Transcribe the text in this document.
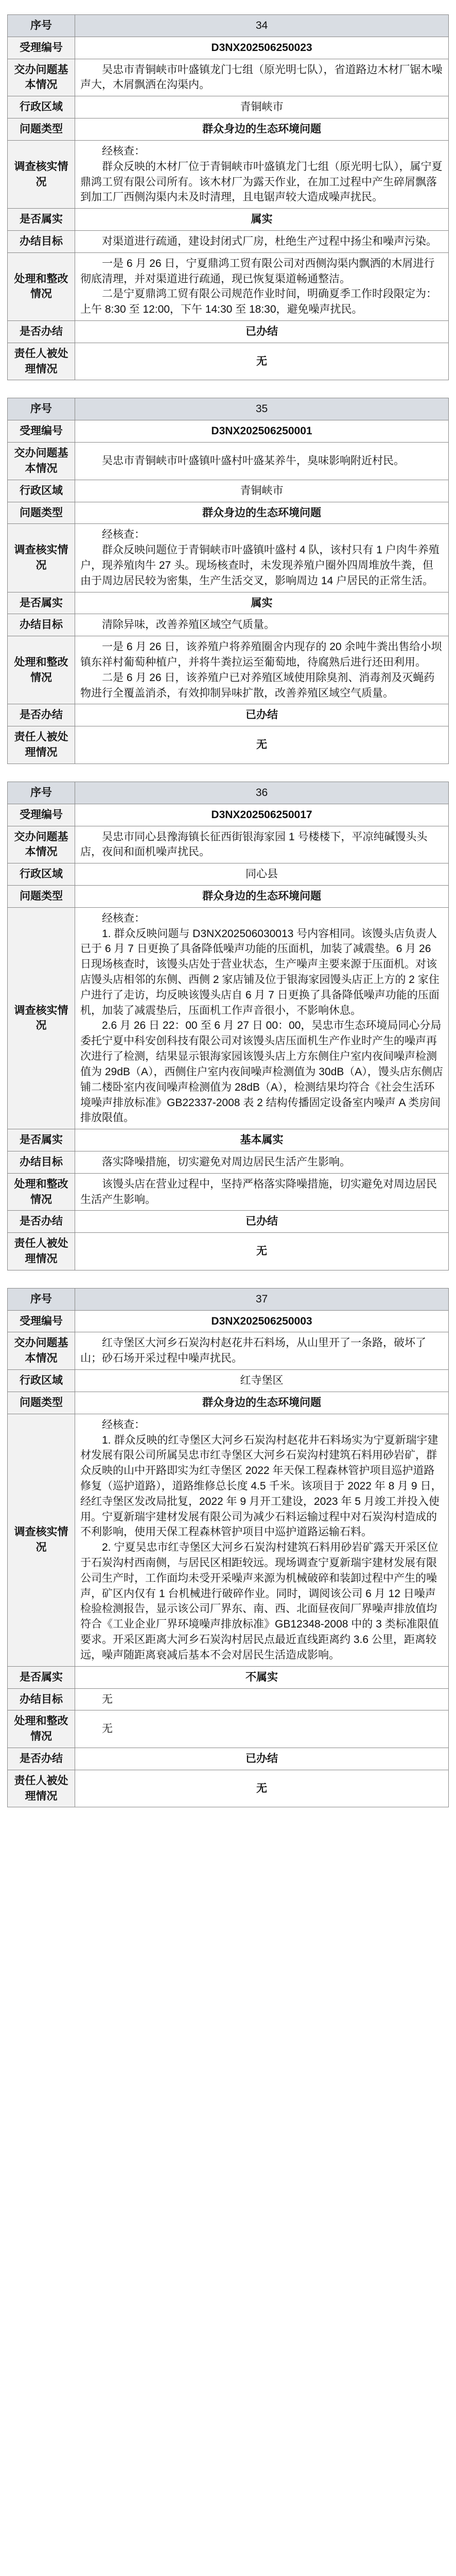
序号	34
受理编号	D3NX202506250023
交办问题基本情况	吴忠市青铜峡市叶盛镇龙门七组（原光明七队），省道路边木材厂锯木噪声大，木屑飘洒在沟渠内。

行政区域	青铜峡市
问题类型	群众身边的生态环境问题
调查核实情况	经核查：

群众反映的木材厂位于青铜峡市叶盛镇龙门七组（原光明七队），属宁夏鼎鸿工贸有限公司所有。该木材厂为露天作业，在加工过程中产生碎屑飘落到加工厂西侧沟渠内未及时清理，且电锯声较大造成噪声扰民。

是否属实	属实
办结目标	对渠道进行疏通，建设封闭式厂房，杜绝生产过程中扬尘和噪声污染。

处理和整改情况	一是 6 月 26 日，宁夏鼎鸿工贸有限公司对西侧沟渠内飘洒的木屑进行彻底清理，并对渠道进行疏通，现已恢复渠道畅通整洁。

二是宁夏鼎鸿工贸有限公司规范作业时间，明确夏季工作时段限定为：上午 8:30 至 12:00，下午 14:30 至 18:30，避免噪声扰民。

是否办结	已办结
责任人被处理情况	无
序号	35
受理编号	D3NX202506250001
交办问题基本情况	吴忠市青铜峡市叶盛镇叶盛村叶盛某养牛，臭味影响附近村民。

行政区域	青铜峡市
问题类型	群众身边的生态环境问题
调查核实情况	经核查：

群众反映问题位于青铜峡市叶盛镇叶盛村 4 队，该村只有 1 户肉牛养殖户，现养殖肉牛 27 头。现场核查时，未发现养殖户圈外四周堆放牛粪，但由于周边居民较为密集，生产生活交叉，影响周边 14 户居民的正常生活。

是否属实	属实
办结目标	清除异味，改善养殖区域空气质量。

处理和整改情况	一是 6 月 26 日，该养殖户将养殖圈舍内现存的 20 余吨牛粪出售给小坝镇东祥村葡萄种植户，并将牛粪拉运至葡萄地，待腐熟后进行还田利用。

二是 6 月 26 日，该养殖户已对养殖区域使用除臭剂、消毒剂及灭蝇药物进行全覆盖消杀，有效抑制异味扩散，改善养殖区域空气质量。

是否办结	已办结
责任人被处理情况	无
序号	36
受理编号	D3NX202506250017
交办问题基本情况	吴忠市同心县豫海镇长征西街银海家园 1 号楼楼下，平凉纯碱馒头头店，夜间和面机噪声扰民。

行政区域	同心县
问题类型	群众身边的生态环境问题
调查核实情况	经核查：

1. 群众反映问题与 D3NX202506030013 号内容相同。该馒头店负责人已于 6 月 7 日更换了具备降低噪声功能的压面机，加装了减震垫。6 月 26 日现场核查时，该馒头店处于营业状态，生产噪声主要来源于压面机。对该店馒头店相邻的东侧、西侧 2 家店铺及位于银海家园馒头店正上方的 2 家住户进行了走访，均反映该馒头店自 6 月 7 日更换了具备降低噪声功能的压面机，加装了减震垫后，压面机工作声音很小，不影响休息。

2.6 月 26 日 22：00 至 6 月 27 日 00：00，吴忠市生态环境局同心分局委托宁夏中科安创科技有限公司对该馒头店压面机生产作业时产生的噪声再次进行了检测，结果显示银海家园该馒头店上方东侧住户室内夜间噪声检测值为 29dB（A），西侧住户室内夜间噪声检测值为 30dB（A），馒头店东侧店铺二楼卧室内夜间噪声检测值为 28dB（A），检测结果均符合《社会生活环境噪声排放标准》GB22337-2008 表 2 结构传播固定设备室内噪声 A 类房间排放限值。

是否属实	基本属实
办结目标	落实降噪措施，切实避免对周边居民生活产生影响。

处理和整改情况	该馒头店在营业过程中，坚持严格落实降噪措施，切实避免对周边居民生活产生影响。

是否办结	已办结
责任人被处理情况	无
序号	37
受理编号	D3NX202506250003
交办问题基本情况	红寺堡区大河乡石炭沟村赵花井石料场，从山里开了一条路，破坏了山；砂石场开采过程中噪声扰民。

行政区域	红寺堡区
问题类型	群众身边的生态环境问题
调查核实情况	经核查：

1. 群众反映的红寺堡区大河乡石炭沟村赵花井石料场实为宁夏新瑞宇建材发展有限公司所属吴忠市红寺堡区大河乡石炭沟村建筑石料用砂岩矿，群众反映的山中开路即实为红寺堡区 2022 年天保工程森林管护项目巡护道路修复（巡护道路），道路维修总长度 4.5 千米。该项目于 2022 年 8 月 9 日，经红寺堡区发改局批复，2022 年 9 月开工建设，2023 年 5 月竣工并投入使用。宁夏新瑞宇建材发展有限公司为减少石料运输过程中对石炭沟村造成的不利影响，使用天保工程森林管护项目中巡护道路运输石料。

2. 宁夏吴忠市红寺堡区大河乡石炭沟村建筑石料用砂岩矿露天开采区位于石炭沟村西南侧，与居民区相距较远。现场调查宁夏新瑞宇建材发展有限公司生产时，工作面均未受开采噪声来源为机械破碎和装卸过程中产生的噪声，矿区内仅有 1 台机械进行破碎作业。同时，调阅该公司 6 月 12 日噪声检验检测报告，显示该公司厂界东、南、西、北面昼夜间厂界噪声排放值均符合《工业企业厂界环境噪声排放标准》GB12348-2008 中的 3 类标准限值要求。开采区距离大河乡石炭沟村居民点最近直线距离约 3.6 公里，距离较远，噪声随距离衰减后基本不会对居民生活造成影响。

是否属实	不属实
办结目标	无

处理和整改情况	无

是否办结	已办结
责任人被处理情况	无
